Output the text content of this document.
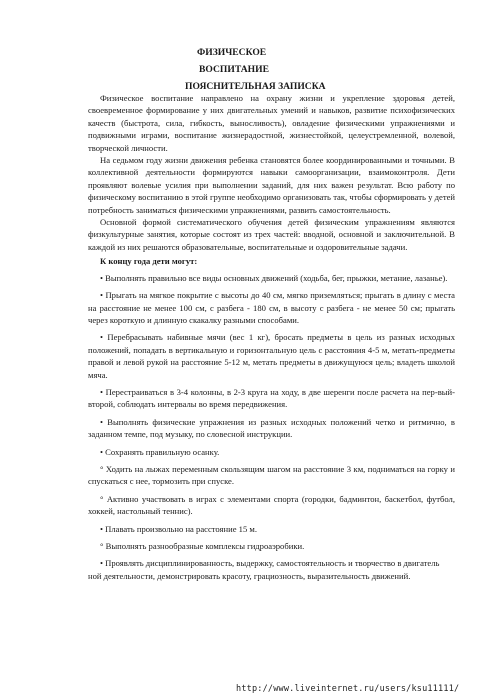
ФИЗИЧЕСКОЕ
ВОСПИТАНИЕ
ПОЯСНИТЕЛЬНАЯ ЗАПИСКА

Физическое воспитание направлено на охрану жизни и укрепление здоровья детей, своевременное формирование у них двигательных умений и навыков, развитие психофизических качеств (быстрота, сила, гибкость, выносливость), овладение физическими упражнениями и подвижными играми, воспитание жизнерадостной, жизнестойкой, целеустремленной, волевой, творческой личности.

На седьмом году жизни движения ребенка становятся более координированными и точными. В коллективной деятельности формируются навыки самоорганизации, взаимоконтроля. Дети проявляют волевые усилия при выполнении заданий, для них важен результат. Всю работу по физическому воспитанию в этой группе необходимо организовать так, чтобы сформировать у детей потребность заниматься физическими упражнениями, развить самостоятельность.

Основной формой систематического обучения детей физическим упражнениям являются физкультурные занятия, которые состоят из трех частей: вводной, основной и заключительной. В каждой из них решаются образовательные, воспитательные и оздоровительные задачи.

К концу года дети могут:

• Выполнять правильно все виды основных движений (ходьба, бег, прыжки, метание, лазанье).

• Прыгать на мягкое покрытие с высоты до 40 см, мягко приземляться; прыгать в длину с места на расстояние не менее 100 см, с разбега - 180 см, в высоту с разбега - не менее 50 см; прыгать через короткую и длинную скакалку разными способами.

• Перебрасывать набивные мячи (вес 1 кг), бросать предметы в цель из разных исходных положений, попадать в вертикальную и горизонтальную цель с расстояния 4-5 м, метать-предметы правой и левой рукой на расстояние 5-12 м, метать предметы в движущуюся цель; владеть школой мяча.

• Перестраиваться в 3-4 колонны, в 2-3 круга на ходу, в две шеренги после расчета на пер-вый-второй, соблюдать интервалы во время передвижения.

• Выполнять физические упражнения из разных исходных положений четко и ритмично, в заданном темпе, под музыку, по словесной инструкции.

• Сохранять правильную осанку.

° Ходить на лыжах переменным скользящим шагом на расстояние 3 км, подниматься на горку и спускаться с нее, тормозить при спуске.

° Активно участвовать в играх с элементами спорта (городки, бадминтон, баскетбол, футбол, хоккей, настольный теннис).

• Плавать произвольно на расстояние 15 м.

° Выполнять разнообразные комплексы гидроаэробики.

• Проявлять дисциплинированность, выдержку, самостоятельность и творчество в двигатель

ной деятельности, демонстрировать красоту, грациозность, выразительность движений.

http://www.liveinternet.ru/users/ksu11111/
